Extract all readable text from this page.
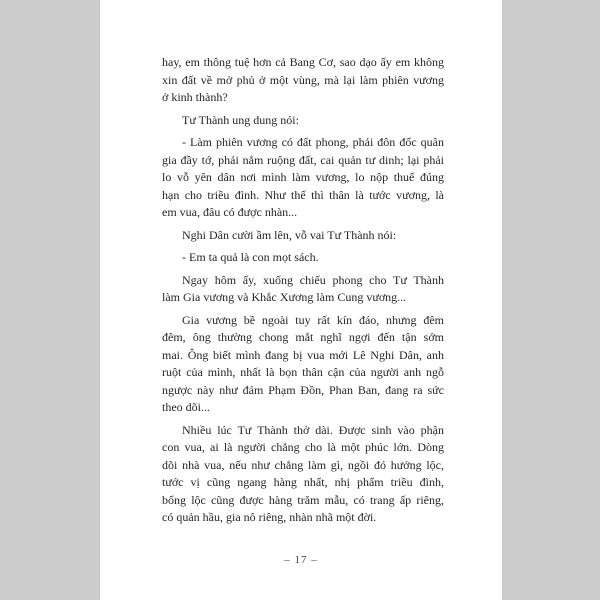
hay, em thông tuệ hơn cả Bang Cơ, sao dạo ấy em không
xin đất về mở phủ ở một vùng, mà lại làm phiên vương
ở kinh thành?
Tư Thành ung dung nói:
- Làm phiên vương có đất phong, phải đôn đốc quân
gia đầy tớ, phải nắm ruộng đất, cai quản tư dinh; lại phải
lo vỗ yên dân nơi mình làm vương, lo nộp thuế đúng
hạn cho triều đình. Như thế thì thân là tước vương, là
em vua, đâu có được nhàn...
Nghi Dân cười ầm lên, vỗ vai Tư Thành nói:
- Em ta quả là con mọt sách.
Ngay hôm ấy, xuống chiếu phong cho Tư Thành
làm Gia vương và Khắc Xương làm Cung vương...
Gia vương bề ngoài tuy rất kín đáo, nhưng đêm
đêm, ông thường chong mắt nghĩ ngợi đến tận sớm
mai. Ông biết mình đang bị vua mới Lê Nghi Dân, anh
ruột của mình, nhất là bọn thân cận của người anh ngỗ
ngược này như đám Phạm Đồn, Phan Ban, đang ra sức
theo dõi...
Nhiều lúc Tư Thành thở dài. Được sinh vào phận
con vua, ai là người chẳng cho là một phúc lớn. Dòng
dõi nhà vua, nếu như chẳng làm gì, ngồi đó hưởng lộc,
tước vị cũng ngang hàng nhất, nhị phẩm triều đình,
bổng lộc cũng được hàng trăm mẫu, có trang ấp riêng,
có quản hầu, gia nô riêng, nhàn nhã một đời.
– 17 –
